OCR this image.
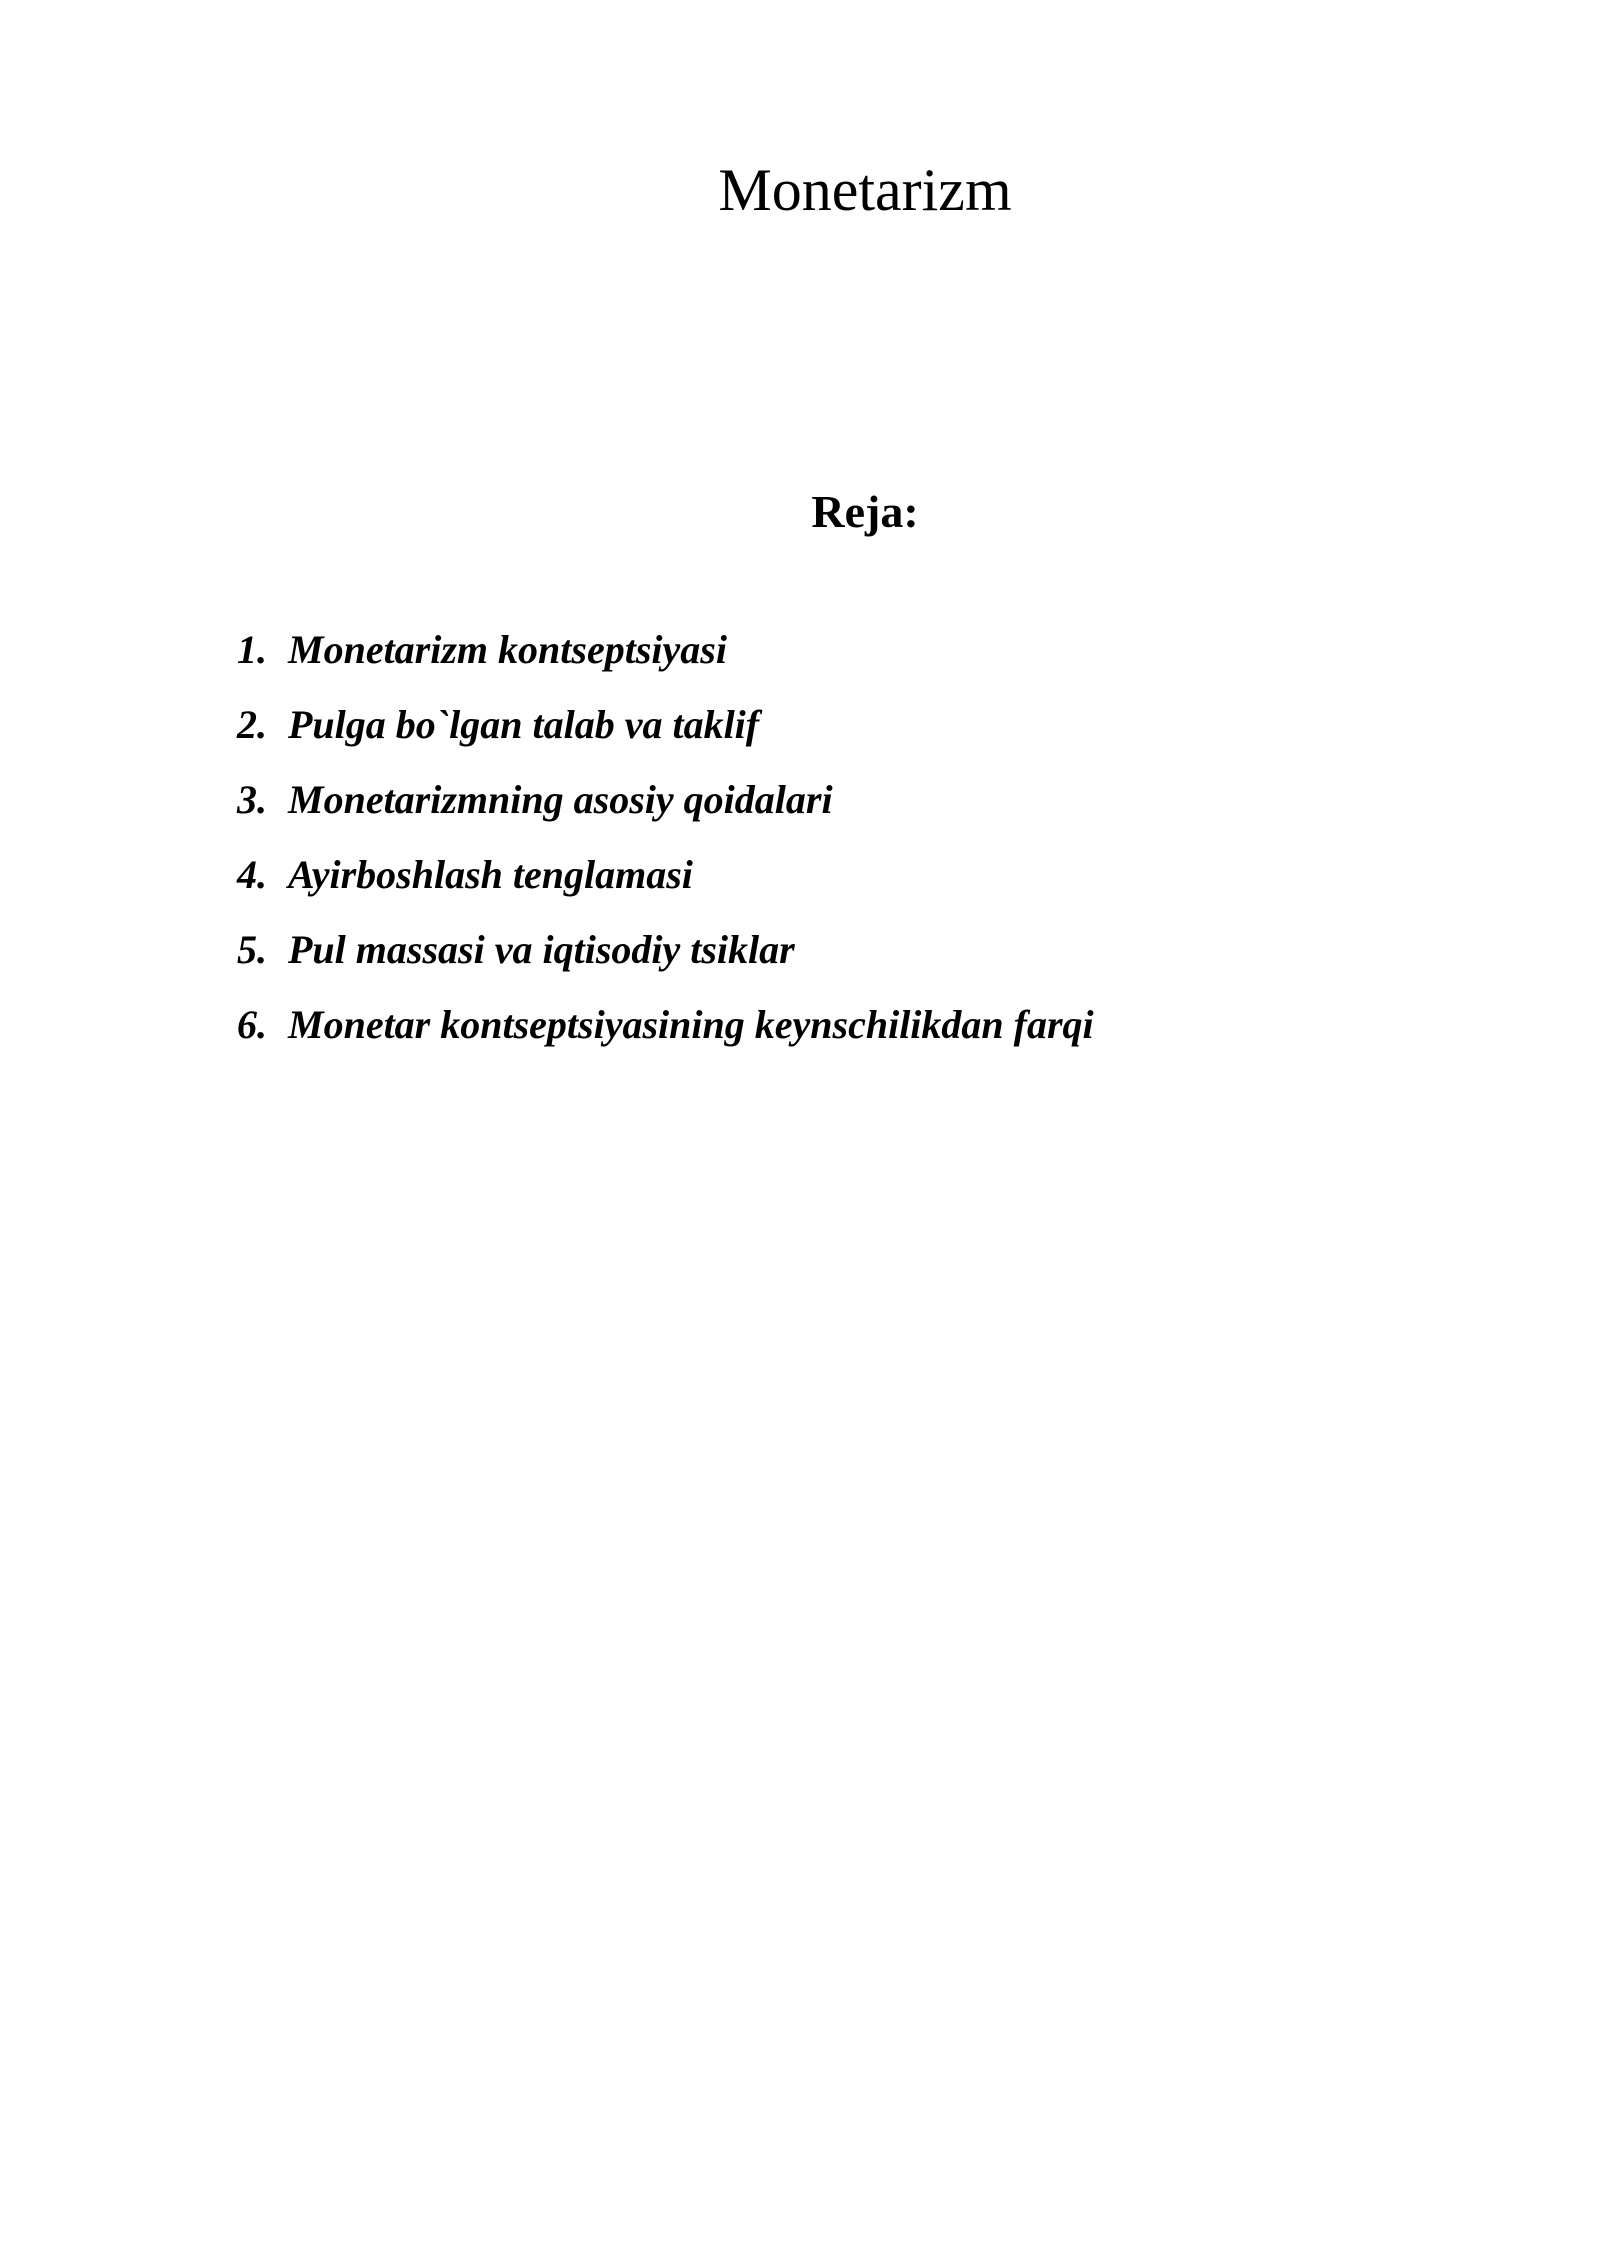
Monetarizm
Reja:
1. Monetarizm kontseptsiyasi
2. Pulga bo`lgan talab va taklif
3. Monetarizmning asosiy qoidalari
4. Ayirboshlash tenglamasi
5. Pul massasi va iqtisodiy tsiklar
6. Monetar kontseptsiyasining keynschilikdan farqi
